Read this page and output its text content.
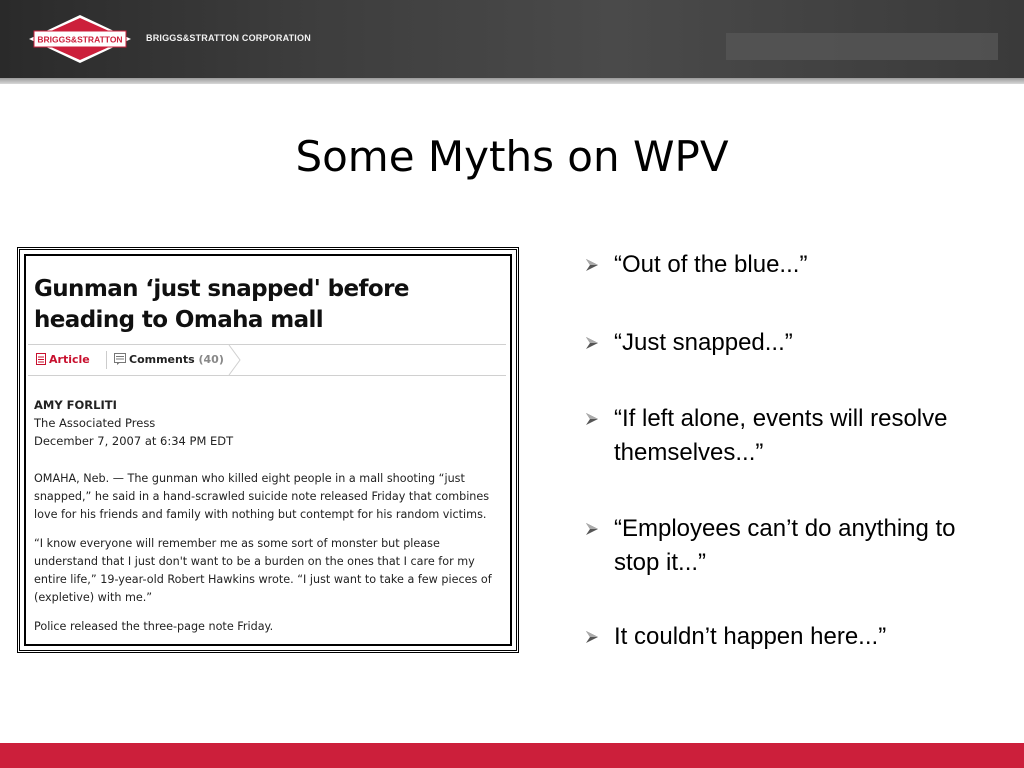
BRIGGS&STRATTON	BRIGGS&STRATTON CORPORATION
Some Myths on WPV
Gunman ‘just snapped' before heading to Omaha mall
Article	Comments (40)
AMY FORLITI
The Associated Press
December 7, 2007 at 6:34 PM EDT
OMAHA, Neb. — The gunman who killed eight people in a mall shooting “just snapped,” he said in a hand-scrawled suicide note released Friday that combines love for his friends and family with nothing but contempt for his random victims.
“I know everyone will remember me as some sort of monster but please understand that I just don't want to be a burden on the ones that I care for my entire life,” 19-year-old Robert Hawkins wrote. “I just want to take a few pieces of (expletive) with me.”
Police released the three-page note Friday.
“Out of the blue...”
“Just snapped...”
“If left alone, events will resolve themselves...”
“Employees can’t do anything to stop it...”
It couldn’t happen here...”
